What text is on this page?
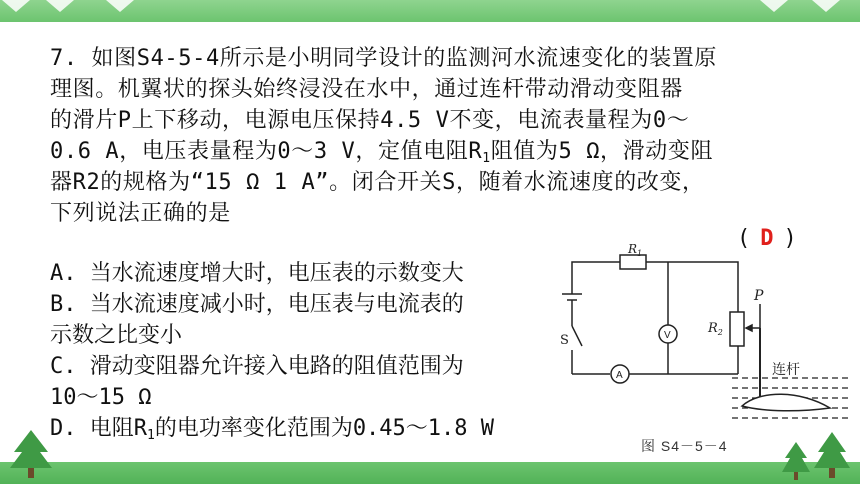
7. 如图S4-5-4所示是小明同学设计的监测河水流速变化的装置原
理图。机翼状的探头始终浸没在水中，通过连杆带动滑动变阻器
的滑片P上下移动，电源电压保持4.5 V不变，电流表量程为0～
0.6 A，电压表量程为0～3 V，定值电阻$R_1$阻值为5 Ω，滑动变阻
器R2的规格为“15 Ω 1 A”。闭合开关S，随着水流速度的改变，
下列说法正确的是
( D )
A. 当水流速度增大时，电压表的示数变大
B. 当水流速度减小时，电压表与电流表的
示数之比变小
C. 滑动变阻器允许接入电路的阻值范围为
10～15 Ω
D. 电阻$R_1$的电功率变化范围为0.45～1.8 W
$R_1$
$R_2$
P
S	V
A	连杆
图 S4－5－4
